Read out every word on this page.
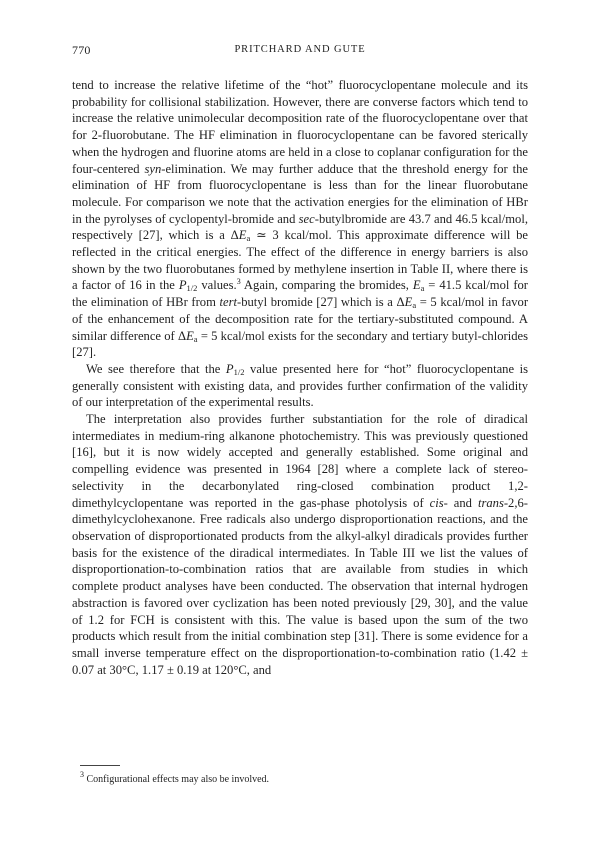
770	PRITCHARD AND GUTE

tend to increase the relative lifetime of the “hot” fluorocyclopentane molecule and its probability for collisional stabilization. However, there are converse factors which tend to increase the relative unimolecular decomposition rate of the fluorocyclopentane over that for 2-fluorobutane. The HF elimination in fluorocyclopentane can be favored sterically when the hydrogen and fluorine atoms are held in a close to coplanar configuration for the four-centered syn-elimination. We may further adduce that the threshold energy for the elimination of HF from fluorocyclopentane is less than for the linear fluorobutane molecule. For comparison we note that the activation energies for the elimination of HBr in the pyrolyses of cyclopentyl-bromide and sec-butylbromide are 43.7 and 46.5 kcal/mol, respectively [27], which is a $\Delta E_a$ ≃ 3 kcal/mol. This approximate difference will be reflected in the critical energies. The effect of the difference in energy barriers is also shown by the two fluorobutanes formed by methylene insertion in Table II, where there is a factor of 16 in the $P_{1/2}$ values.$^3$ Again, comparing the bromides, $E_a = 41.5$ kcal/mol for the elimination of HBr from tert-butyl bromide [27] which is a $\Delta E_a = 5$ kcal/mol in favor of the enhancement of the decomposition rate for the tertiary-substituted compound. A similar difference of $\Delta E_a = 5$ kcal/mol exists for the secondary and tertiary butyl-chlorides [27].

We see therefore that the $P_{1/2}$ value presented here for “hot” fluorocyclopentane is generally consistent with existing data, and provides further confirmation of the validity of our interpretation of the experimental results.

The interpretation also provides further substantiation for the role of diradical intermediates in medium-ring alkanone photochemistry. This was previously questioned [16], but it is now widely accepted and generally established. Some original and compelling evidence was presented in 1964 [28] where a complete lack of stereo-selectivity in the decarbonylated ring-closed combination product 1,2-dimethylcyclopentane was reported in the gas-phase photolysis of cis- and trans-2,6-dimethylcyclohexanone. Free radicals also undergo disproportionation reactions, and the observation of disproportionated products from the alkyl-alkyl diradicals provides further basis for the existence of the diradical intermediates. In Table III we list the values of disproportionation-to-combination ratios that are available from studies in which complete product analyses have been conducted. The observation that internal hydrogen abstraction is favored over cyclization has been noted previously [29, 30], and the value of 1.2 for FCH is consistent with this. The value is based upon the sum of the two products which result from the initial combination step [31]. There is some evidence for a small inverse temperature effect on the disproportionation-to-combination ratio (1.42 ± 0.07 at 30°C, 1.17 ± 0.19 at 120°C, and

$^3$ Configurational effects may also be involved.
